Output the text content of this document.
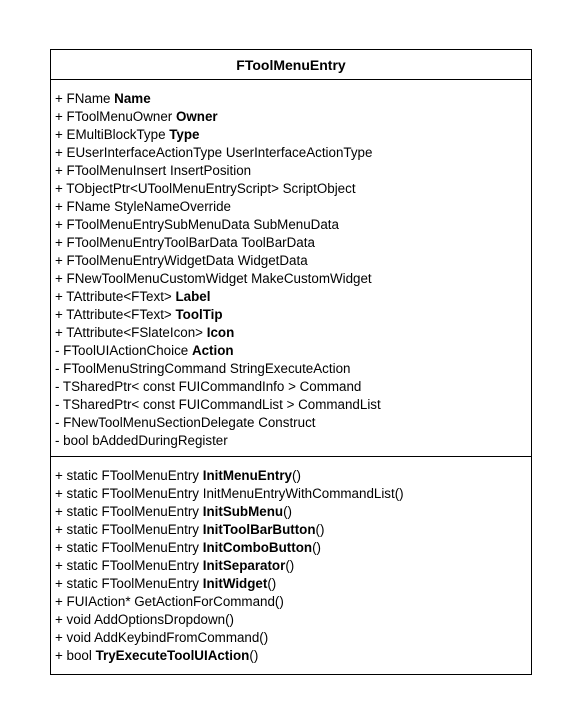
FToolMenuEntry
+ FName Name
+ FToolMenuOwner Owner
+ EMultiBlockType Type
+ EUserInterfaceActionType UserInterfaceActionType
+ FToolMenuInsert InsertPosition
+ TObjectPtr<UToolMenuEntryScript> ScriptObject
+ FName StyleNameOverride
+ FToolMenuEntrySubMenuData SubMenuData
+ FToolMenuEntryToolBarData ToolBarData
+ FToolMenuEntryWidgetData WidgetData
+ FNewToolMenuCustomWidget MakeCustomWidget
+ TAttribute<FText> Label
+ TAttribute<FText> ToolTip
+ TAttribute<FSlateIcon> Icon
- FToolUIActionChoice Action
- FToolMenuStringCommand StringExecuteAction
- TSharedPtr< const FUICommandInfo > Command
- TSharedPtr< const FUICommandList > CommandList
- FNewToolMenuSectionDelegate Construct
- bool bAddedDuringRegister
+ static FToolMenuEntry InitMenuEntry()
+ static FToolMenuEntry InitMenuEntryWithCommandList()
+ static FToolMenuEntry InitSubMenu()
+ static FToolMenuEntry InitToolBarButton()
+ static FToolMenuEntry InitComboButton()
+ static FToolMenuEntry InitSeparator()
+ static FToolMenuEntry InitWidget()
+ FUIAction* GetActionForCommand()
+ void AddOptionsDropdown()
+ void AddKeybindFromCommand()
+ bool TryExecuteToolUIAction()
